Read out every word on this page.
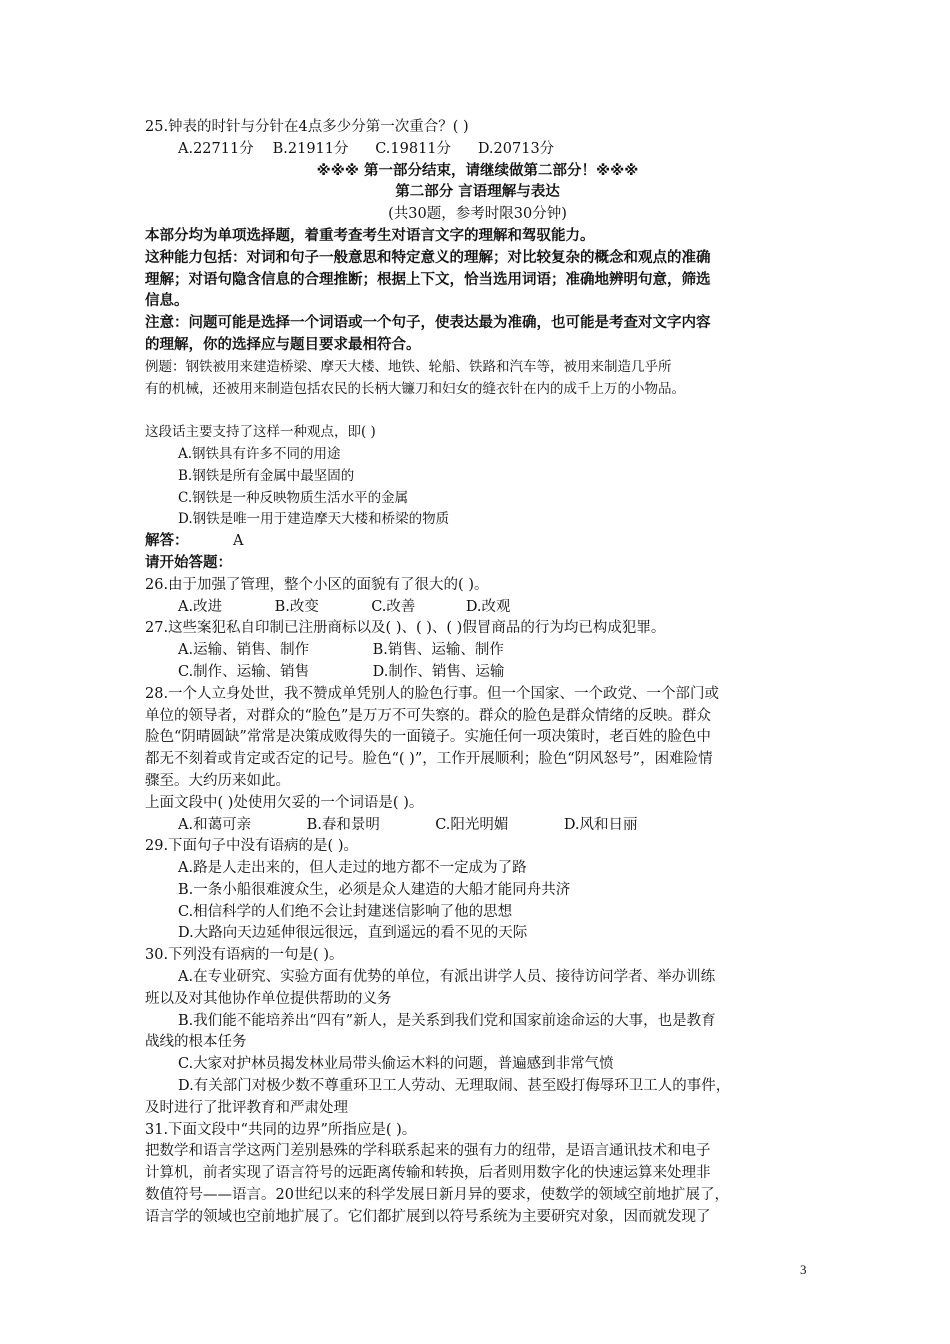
25.钟表的时针与分针在4点多少分第一次重合？( )
A.22711分 B.21911分 C.19811分 D.20713分
※※※ 第一部分结束，请继续做第二部分！※※※
第二部分 言语理解与表达
(共30题，参考时限30分钟)
本部分均为单项选择题，着重考查考生对语言文字的理解和驾驭能力。
这种能力包括：对词和句子一般意思和特定意义的理解；对比较复杂的概念和观点的准确
理解；对语句隐含信息的合理推断；根据上下文，恰当选用词语；准确地辨明句意，筛选
信息。
注意：问题可能是选择一个词语或一个句子，使表达最为准确，也可能是考查对文字内容
的理解，你的选择应与题目要求最相符合。
例题：钢铁被用来建造桥梁、摩天大楼、地铁、轮船、铁路和汽车等，被用来制造几乎所
有的机械，还被用来制造包括农民的长柄大镰刀和妇女的缝衣针在内的成千上万的小物品。
这段话主要支持了这样一种观点，即( )
A.钢铁具有许多不同的用途
B.钢铁是所有金属中最坚固的
C.钢铁是一种反映物质生活水平的金属
D.钢铁是唯一用于建造摩天大楼和桥梁的物质
解答：	A
请开始答题：
26.由于加强了管理，整个小区的面貌有了很大的( )。
A.改进	B.改变	C.改善	D.改观
27.这些案犯私自印制已注册商标以及( )、( )、( )假冒商品的行为均已构成犯罪。
A.运输、销售、制作	B.销售、运输、制作
C.制作、运输、销售	D.制作、销售、运输
28.一个人立身处世，我不赞成单凭别人的脸色行事。但一个国家、一个政党、一个部门或
单位的领导者，对群众的“脸色”是万万不可失察的。群众的脸色是群众情绪的反映。群众
脸色“阴晴圆缺”常常是决策成败得失的一面镜子。实施任何一项决策时，老百姓的脸色中
都无不刻着或肯定或否定的记号。脸色“( )”，工作开展顺利；脸色“阴风怒号”，困难险情
骤至。大约历来如此。
上面文段中( )处使用欠妥的一个词语是( )。
A.和蔼可亲	B.春和景明	C.阳光明媚	D.风和日丽
29.下面句子中没有语病的是( )。
A.路是人走出来的，但人走过的地方都不一定成为了路
B.一条小船很难渡众生，必须是众人建造的大船才能同舟共济
C.相信科学的人们绝不会让封建迷信影响了他的思想
D.大路向天边延伸很远很远，直到遥远的看不见的天际
30.下列没有语病的一句是( )。
A.在专业研究、实验方面有优势的单位，有派出讲学人员、接待访问学者、举办训练
班以及对其他协作单位提供帮助的义务
B.我们能不能培养出“四有”新人，是关系到我们党和国家前途命运的大事，也是教育
战线的根本任务
C.大家对护林员揭发林业局带头偷运木料的问题，普遍感到非常气愤
D.有关部门对极少数不尊重环卫工人劳动、无理取闹、甚至殴打侮辱环卫工人的事件，
及时进行了批评教育和严肃处理
31.下面文段中“共同的边界”所指应是( )。
把数学和语言学这两门差别悬殊的学科联系起来的强有力的纽带，是语言通讯技术和电子
计算机，前者实现了语言符号的远距离传输和转换，后者则用数字化的快速运算来处理非
数值符号——语言。20世纪以来的科学发展日新月异的要求，使数学的领域空前地扩展了，
语言学的领域也空前地扩展了。它们都扩展到以符号系统为主要研究对象，因而就发现了
3
